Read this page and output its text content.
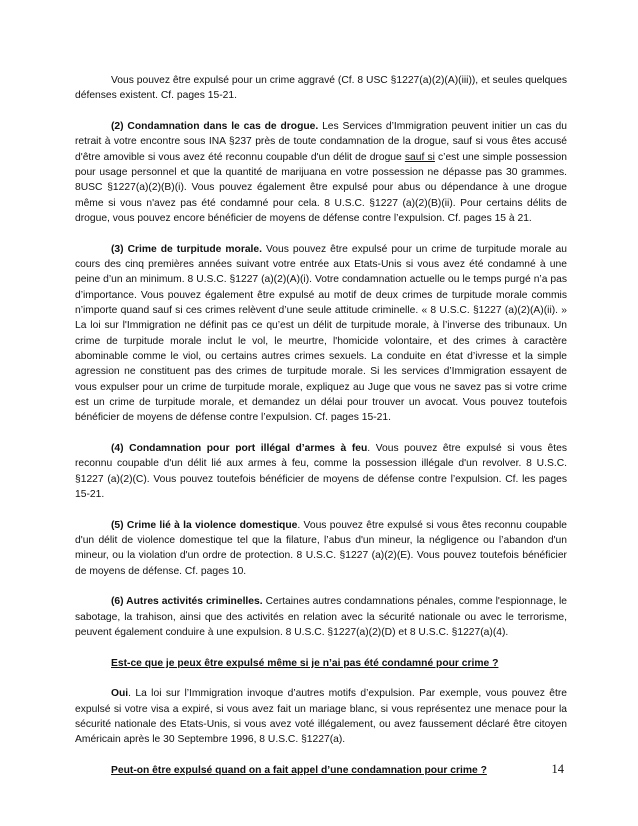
Vous pouvez être expulsé pour un crime aggravé (Cf. 8 USC §1227(a)(2)(A)(iii)), et seules quelques défenses existent. Cf. pages 15-21.

(2) Condamnation dans le cas de drogue. Les Services d’Immigration peuvent initier un cas du retrait à votre encontre sous INA §237 près de toute condamnation de la drogue, sauf si vous êtes accusé d'être amovible si vous avez été reconnu coupable d'un délit de drogue sauf si c’est une simple possession pour usage personnel et que la quantité de marijuana en votre possession ne dépasse pas 30 grammes. 8USC §1227(a)(2)(B)(i). Vous pouvez également être expulsé pour abus ou dépendance à une drogue même si vous n'avez pas été condamné pour cela. 8 U.S.C. §1227 (a)(2)(B)(ii). Pour certains délits de drogue, vous pouvez encore bénéficier de moyens de défense contre l’expulsion. Cf. pages 15 à 21.

(3) Crime de turpitude morale. Vous pouvez être expulsé pour un crime de turpitude morale au cours des cinq premières années suivant votre entrée aux Etats-Unis si vous avez été condamné à une peine d’un an minimum. 8 U.S.C. §1227 (a)(2)(A)(i). Votre condamnation actuelle ou le temps purgé n’a pas d’importance. Vous pouvez également être expulsé au motif de deux crimes de turpitude morale commis n’importe quand sauf si ces crimes relèvent d’une seule attitude criminelle. « 8 U.S.C. §1227 (a)(2)(A)(ii). » La loi sur l'Immigration ne définit pas ce qu’est un délit de turpitude morale, à l’inverse des tribunaux. Un crime de turpitude morale inclut le vol, le meurtre, l'homicide volontaire, et des crimes à caractère abominable comme le viol, ou certains autres crimes sexuels. La conduite en état d’ivresse et la simple agression ne constituent pas des crimes de turpitude morale. Si les services d’Immigration essayent de vous expulser pour un crime de turpitude morale, expliquez au Juge que vous ne savez pas si votre crime est un crime de turpitude morale, et demandez un délai pour trouver un avocat. Vous pouvez toutefois bénéficier de moyens de défense contre l’expulsion. Cf. pages 15-21.

(4) Condamnation pour port illégal d’armes à feu. Vous pouvez être expulsé si vous êtes reconnu coupable d'un délit lié aux armes à feu, comme la possession illégale d'un revolver. 8 U.S.C. §1227 (a)(2)(C). Vous pouvez toutefois bénéficier de moyens de défense contre l’expulsion. Cf. les pages 15-21.

(5) Crime lié à la violence domestique. Vous pouvez être expulsé si vous êtes reconnu coupable d'un délit de violence domestique tel que la filature, l’abus d'un mineur, la négligence ou l’abandon d'un mineur, ou la violation d'un ordre de protection. 8 U.S.C. §1227 (a)(2)(E). Vous pouvez toutefois bénéficier de moyens de défense. Cf. pages 10.

(6) Autres activités criminelles. Certaines autres condamnations pénales, comme l'espionnage, le sabotage, la trahison, ainsi que des activités en relation avec la sécurité nationale ou avec le terrorisme, peuvent également conduire à une expulsion. 8 U.S.C. §1227(a)(2)(D) et 8 U.S.C. §1227(a)(4).

Est-ce que je peux être expulsé même si je n’ai pas été condamné pour crime ?

Oui. La loi sur l’Immigration invoque d’autres motifs d’expulsion. Par exemple, vous pouvez être expulsé si votre visa a expiré, si vous avez fait un mariage blanc, si vous représentez une menace pour la sécurité nationale des Etats-Unis, si vous avez voté illégalement, ou avez faussement déclaré être citoyen Américain après le 30 Septembre 1996, 8 U.S.C. §1227(a).

Peut-on être expulsé quand on a fait appel d’une condamnation pour crime ?	14
